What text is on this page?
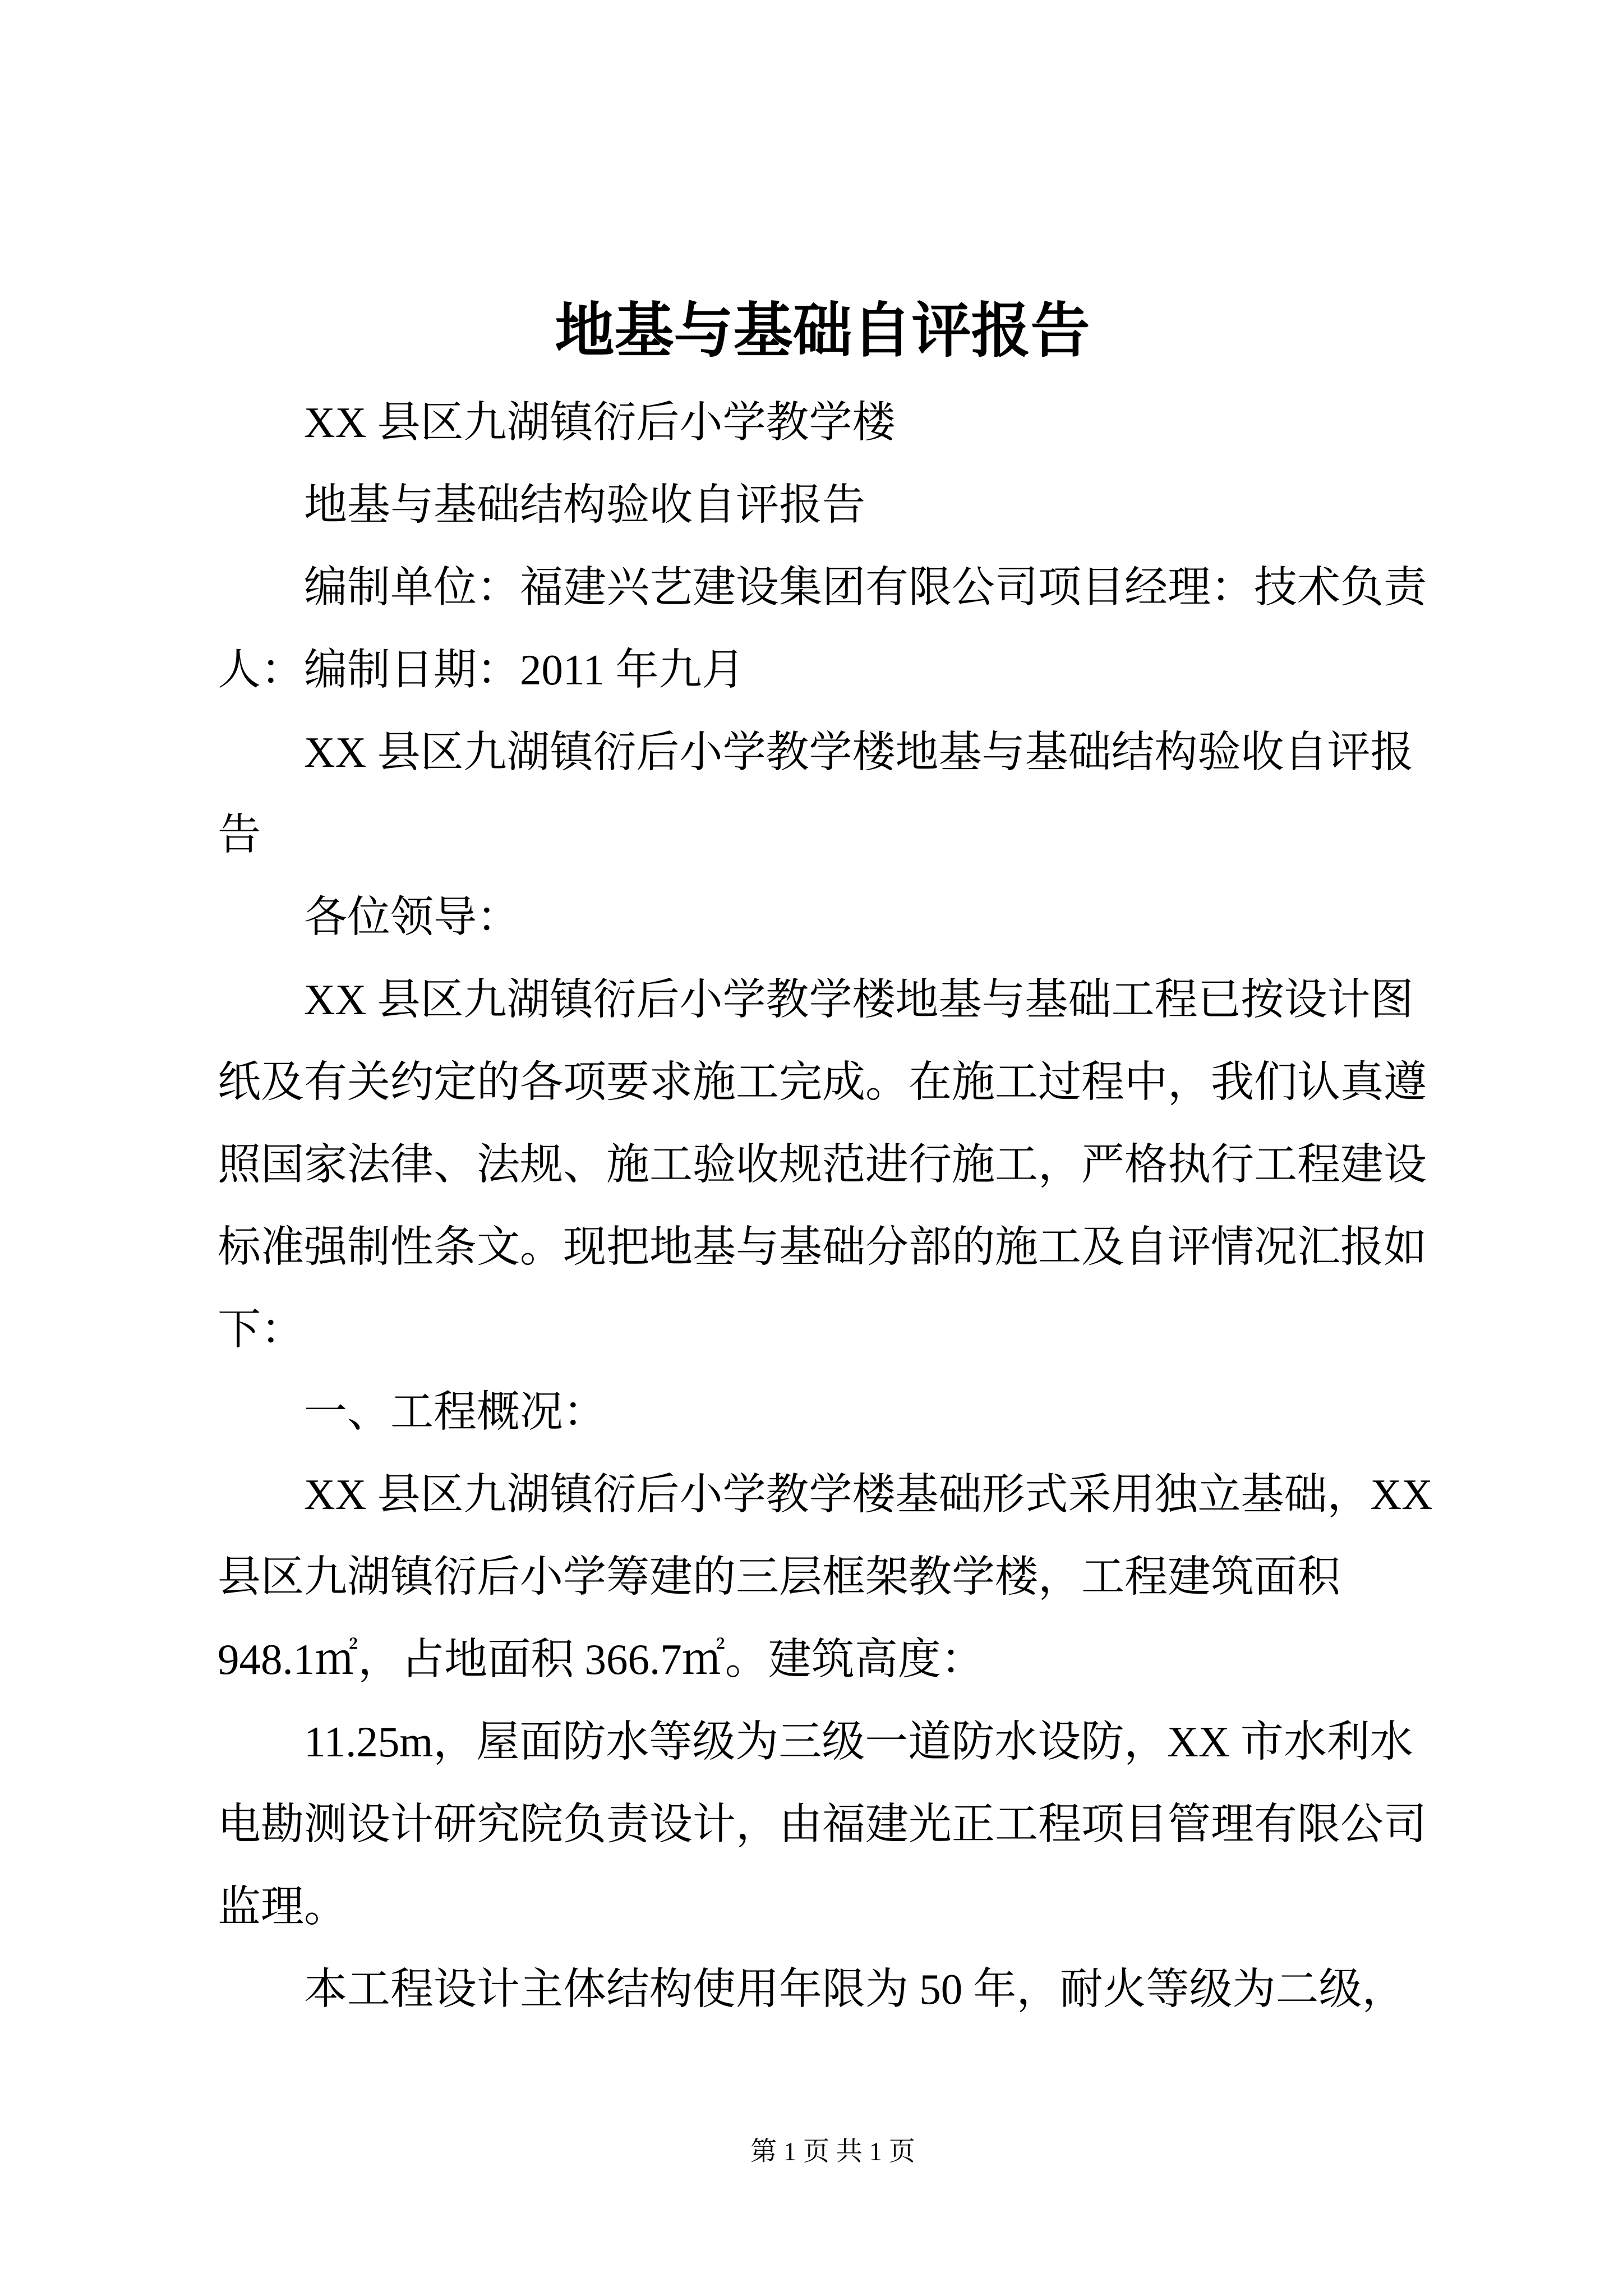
地基与基础自评报告
XX 县区九湖镇衍后小学教学楼
地基与基础结构验收自评报告
编制单位：福建兴艺建设集团有限公司项目经理：技术负责
人：编制日期：2011 年九月
XX 县区九湖镇衍后小学教学楼地基与基础结构验收自评报
告
各位领导：
XX 县区九湖镇衍后小学教学楼地基与基础工程已按设计图
纸及有关约定的各项要求施工完成。在施工过程中，我们认真遵
照国家法律、法规、施工验收规范进行施工，严格执行工程建设
标准强制性条文。现把地基与基础分部的施工及自评情况汇报如
下：
一、工程概况：
XX 县区九湖镇衍后小学教学楼基础形式采用独立基础，XX
县区九湖镇衍后小学筹建的三层框架教学楼，工程建筑面积
948.1㎡，占地面积 366.7㎡。建筑高度：
11.25m，屋面防水等级为三级一道防水设防，XX 市水利水
电勘测设计研究院负责设计，由福建光正工程项目管理有限公司
监理。
本工程设计主体结构使用年限为 50 年，耐火等级为二级，
第 1 页 共 1 页
